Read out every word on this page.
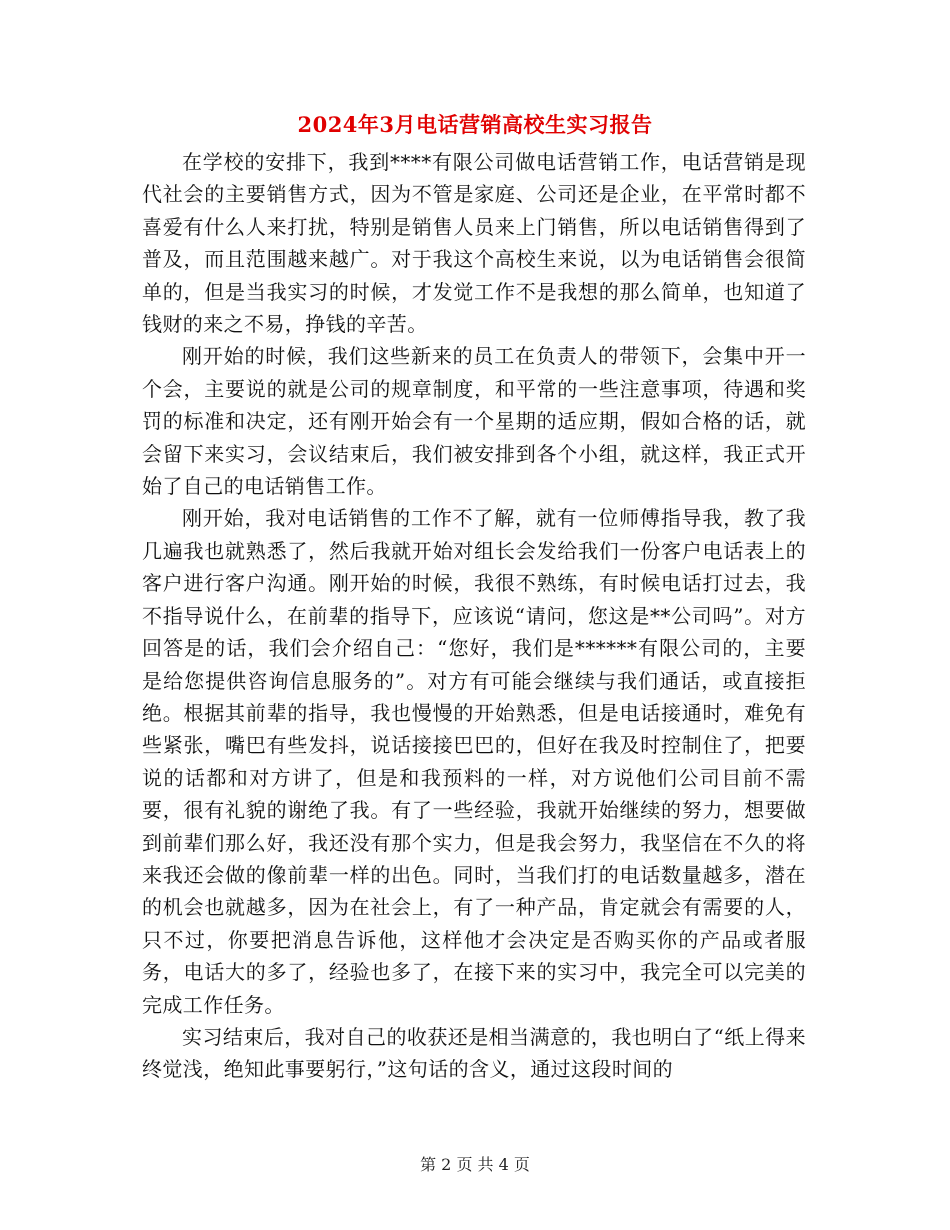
2024年3月电话营销高校生实习报告

在学校的安排下，我到****有限公司做电话营销工作，电话营销是现代社会的主要销售方式，因为不管是家庭、公司还是企业，在平常时都不喜爱有什么人来打扰，特别是销售人员来上门销售，所以电话销售得到了普及，而且范围越来越广。对于我这个高校生来说，以为电话销售会很简单的，但是当我实习的时候，才发觉工作不是我想的那么简单，也知道了钱财的来之不易，挣钱的辛苦。

刚开始的时候，我们这些新来的员工在负责人的带领下，会集中开一个会，主要说的就是公司的规章制度，和平常的一些注意事项，待遇和奖罚的标准和决定，还有刚开始会有一个星期的适应期，假如合格的话，就会留下来实习，会议结束后，我们被安排到各个小组，就这样，我正式开始了自己的电话销售工作。

刚开始，我对电话销售的工作不了解，就有一位师傅指导我，教了我几遍我也就熟悉了，然后我就开始对组长会发给我们一份客户电话表上的客户进行客户沟通。刚开始的时候，我很不熟练，有时候电话打过去，我不指导说什么，在前辈的指导下，应该说“请问，您这是**公司吗”。对方回答是的话，我们会介绍自己：“您好，我们是******有限公司的，主要是给您提供咨询信息服务的”。对方有可能会继续与我们通话，或直接拒绝。根据其前辈的指导，我也慢慢的开始熟悉，但是电话接通时，难免有些紧张，嘴巴有些发抖，说话接接巴巴的，但好在我及时控制住了，把要说的话都和对方讲了，但是和我预料的一样，对方说他们公司目前不需要，很有礼貌的谢绝了我。有了一些经验，我就开始继续的努力，想要做到前辈们那么好，我还没有那个实力，但是我会努力，我坚信在不久的将来我还会做的像前辈一样的出色。同时，当我们打的电话数量越多，潜在的机会也就越多，因为在社会上，有了一种产品，肯定就会有需要的人，只不过，你要把消息告诉他，这样他才会决定是否购买你的产品或者服务，电话大的多了，经验也多了，在接下来的实习中，我完全可以完美的完成工作任务。

实习结束后，我对自己的收获还是相当满意的，我也明白了“纸上得来终觉浅，绝知此事要躬行，”这句话的含义，通过这段时间的

第 2 页 共 4 页
